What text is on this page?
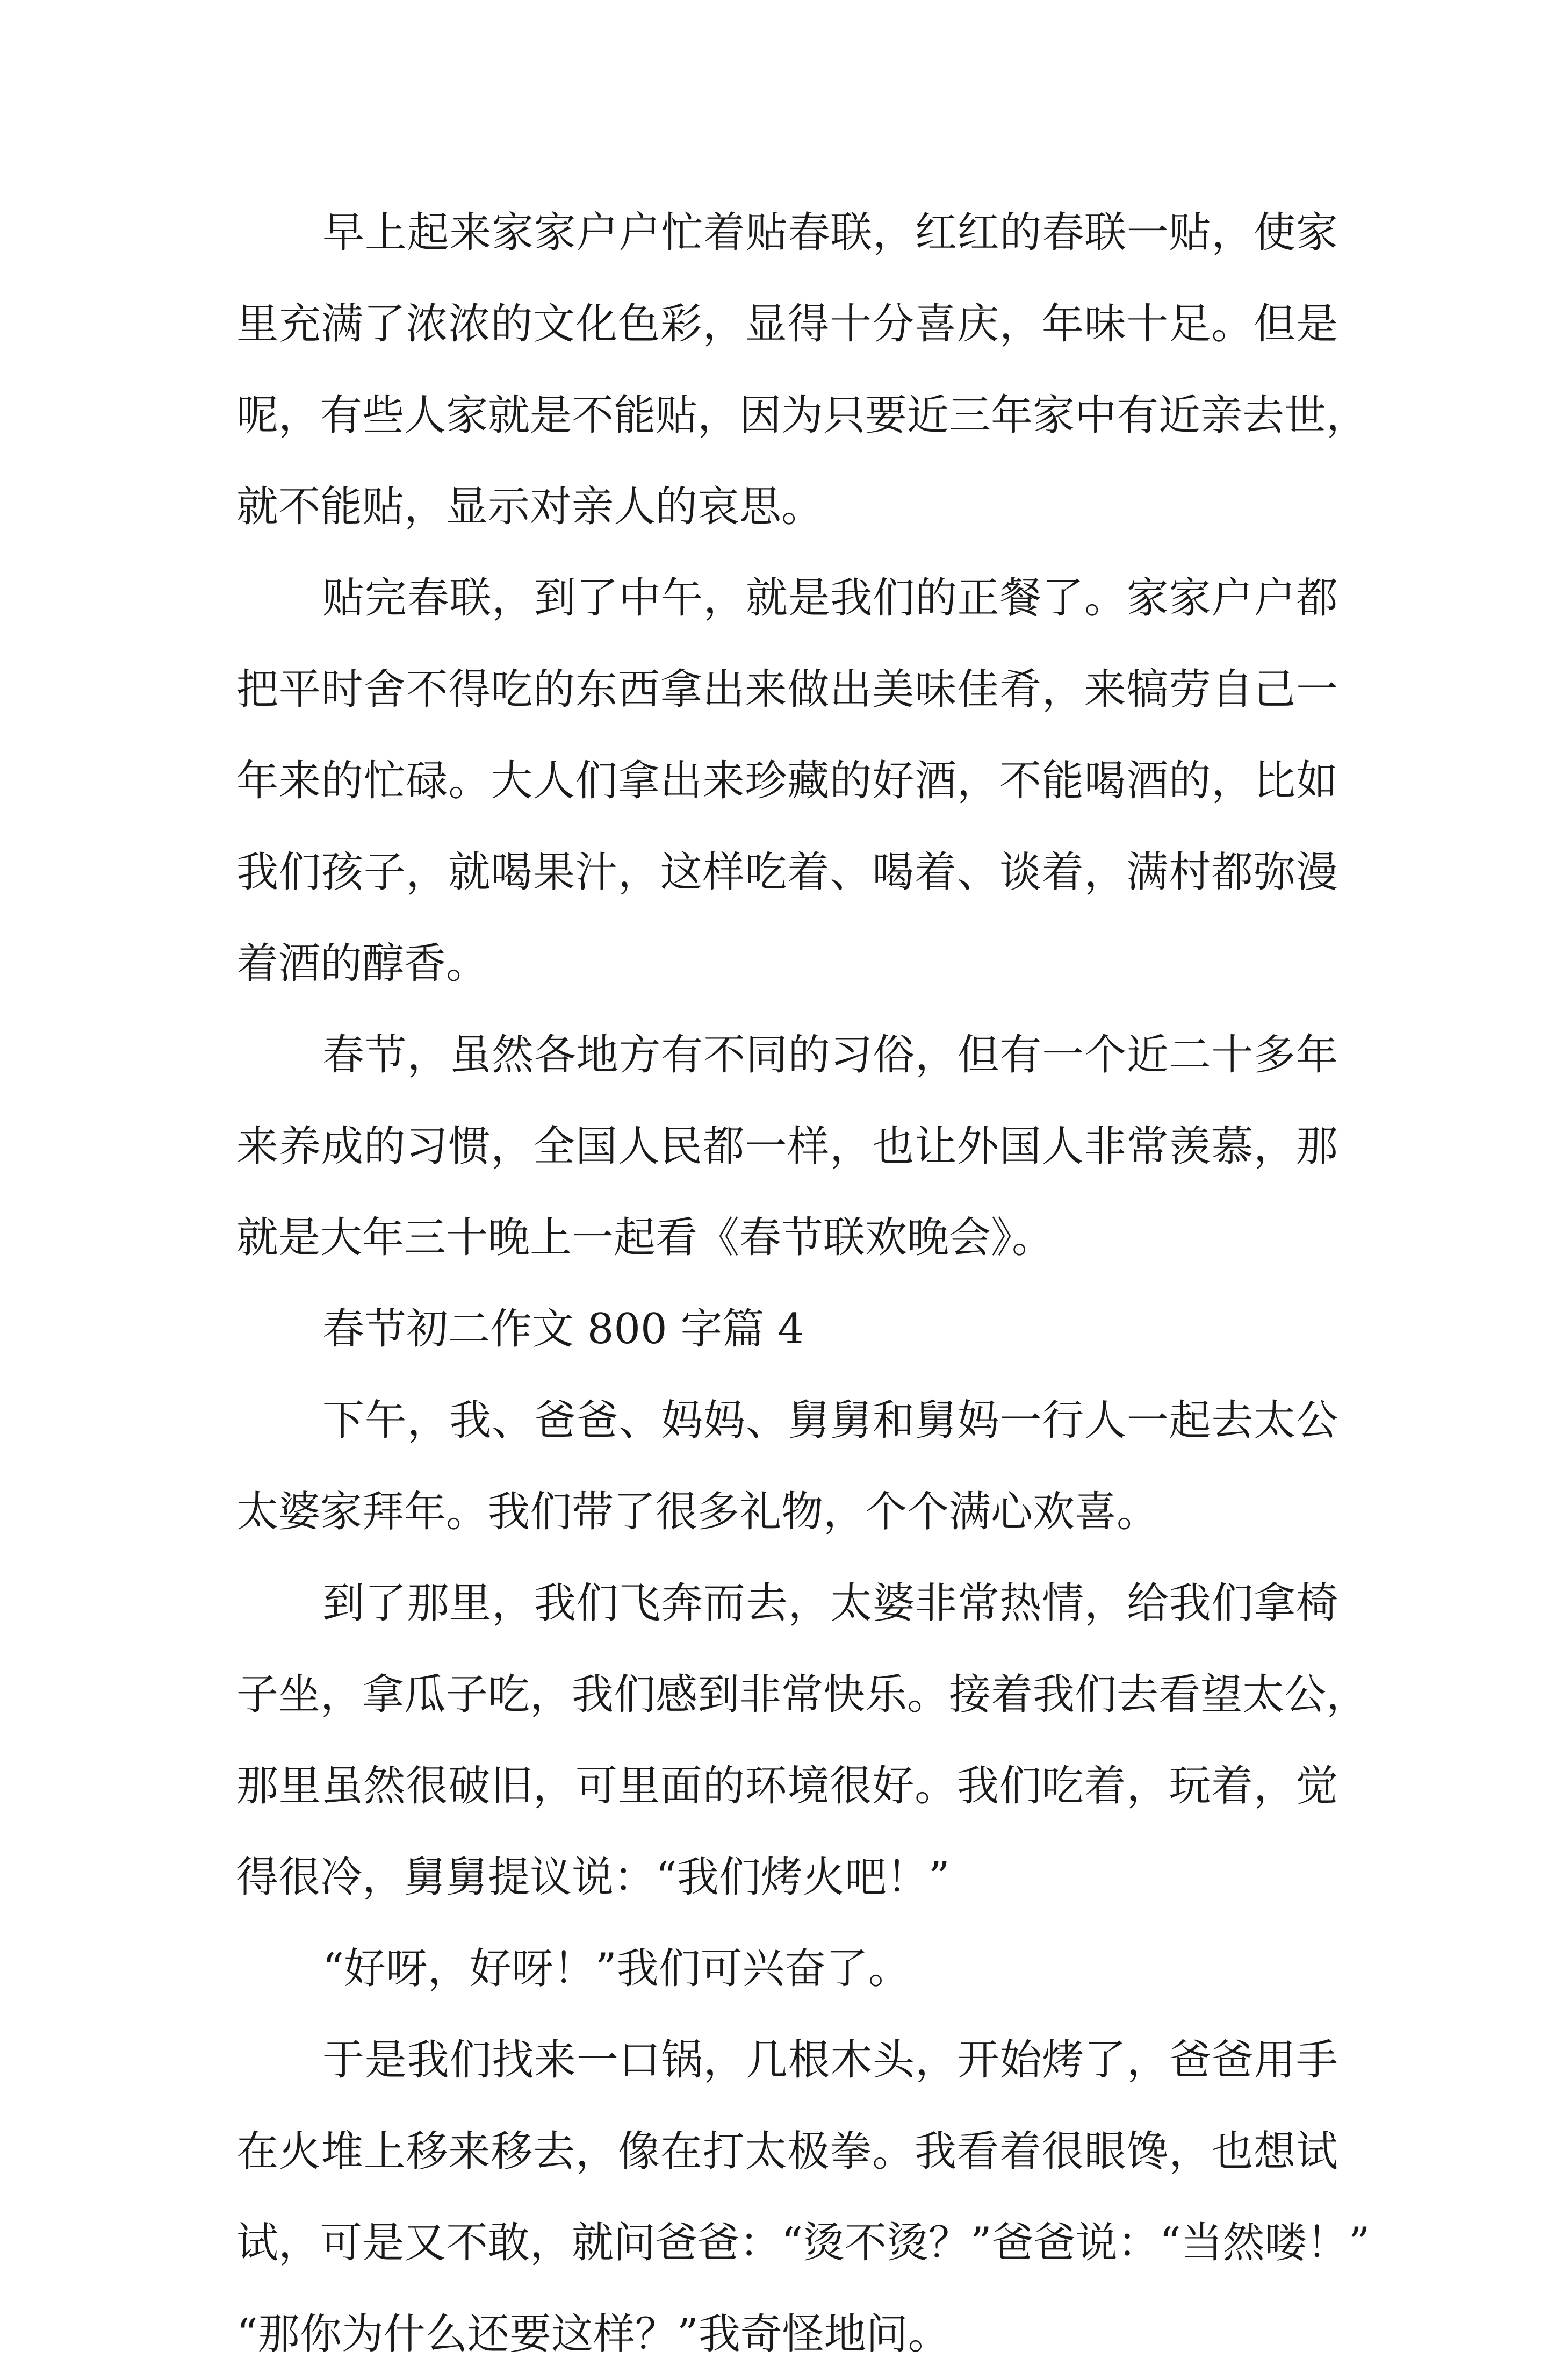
早上起来家家户户忙着贴春联，红红的春联一贴，使家
里充满了浓浓的文化色彩，显得十分喜庆，年味十足。但是
呢，有些人家就是不能贴，因为只要近三年家中有近亲去世，
就不能贴，显示对亲人的哀思。
贴完春联，到了中午，就是我们的正餐了。家家户户都
把平时舍不得吃的东西拿出来做出美味佳肴，来犒劳自己一
年来的忙碌。大人们拿出来珍藏的好酒，不能喝酒的，比如
我们孩子，就喝果汁，这样吃着、喝着、谈着，满村都弥漫
着酒的醇香。
春节，虽然各地方有不同的习俗，但有一个近二十多年
来养成的习惯，全国人民都一样，也让外国人非常羡慕，那
就是大年三十晚上一起看《春节联欢晚会》。
春节初二作文 800 字篇 4
下午，我、爸爸、妈妈、舅舅和舅妈一行人一起去太公
太婆家拜年。我们带了很多礼物，个个满心欢喜。
到了那里，我们飞奔而去，太婆非常热情，给我们拿椅
子坐，拿瓜子吃，我们感到非常快乐。接着我们去看望太公，
那里虽然很破旧，可里面的环境很好。我们吃着，玩着，觉
得很冷，舅舅提议说：“我们烤火吧！”
“好呀，好呀！”我们可兴奋了。
于是我们找来一口锅，几根木头，开始烤了，爸爸用手
在火堆上移来移去，像在打太极拳。我看着很眼馋，也想试
试，可是又不敢，就问爸爸：“烫不烫？”爸爸说：“当然喽！”
“那你为什么还要这样？”我奇怪地问。
